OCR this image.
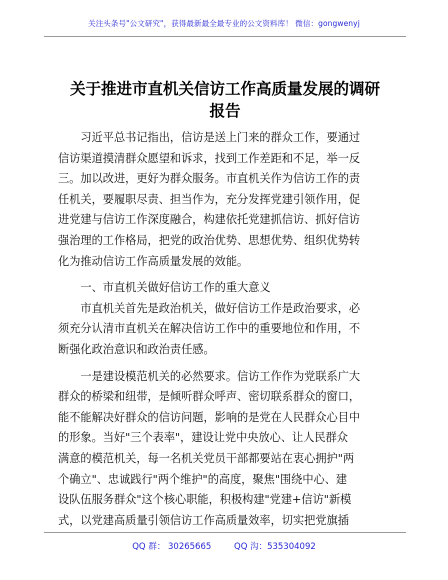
关注头条号"公文研究"，获得最新最全最专业的公文资料库！ 微信：gongwenyj
关于推进市直机关信访工作高质量发展的调研
报告
　　习近平总书记指出，信访是送上门来的群众工作，要通过
信访渠道摸清群众愿望和诉求，找到工作差距和不足，举一反
三。加以改进，更好为群众服务。市直机关作为信访工作的责
任机关，要履职尽责、担当作为，充分发挥党建引领作用，促
进党建与信访工作深度融合，构建依托党建抓信访、抓好信访
强治理的工作格局，把党的政治优势、思想优势、组织优势转
化为推动信访工作高质量发展的效能。
　　一、市直机关做好信访工作的重大意义
　　市直机关首先是政治机关，做好信访工作是政治要求，必
须充分认清市直机关在解决信访工作中的重要地位和作用，不
断强化政治意识和政治责任感。
　　一是建设模范机关的必然要求。信访工作作为党联系广大
群众的桥梁和纽带，是倾听群众呼声、密切联系群众的窗口，
能不能解决好群众的信访问题，影响的是党在人民群众心目中
的形象。当好"三个表率"，建设让党中央放心、让人民群众
满意的模范机关，每一名机关党员干部都要站在衷心拥护"两
个确立"、忠诚践行"两个维护"的高度，聚焦"围绕中心、建
设队伍服务群众"这个核心职能，积极构建"党建+信访"新模
式，以党建高质量引领信访工作高质量效率，切实把党旗插
QQ 群： 30265665	QQ 沟：535304092
